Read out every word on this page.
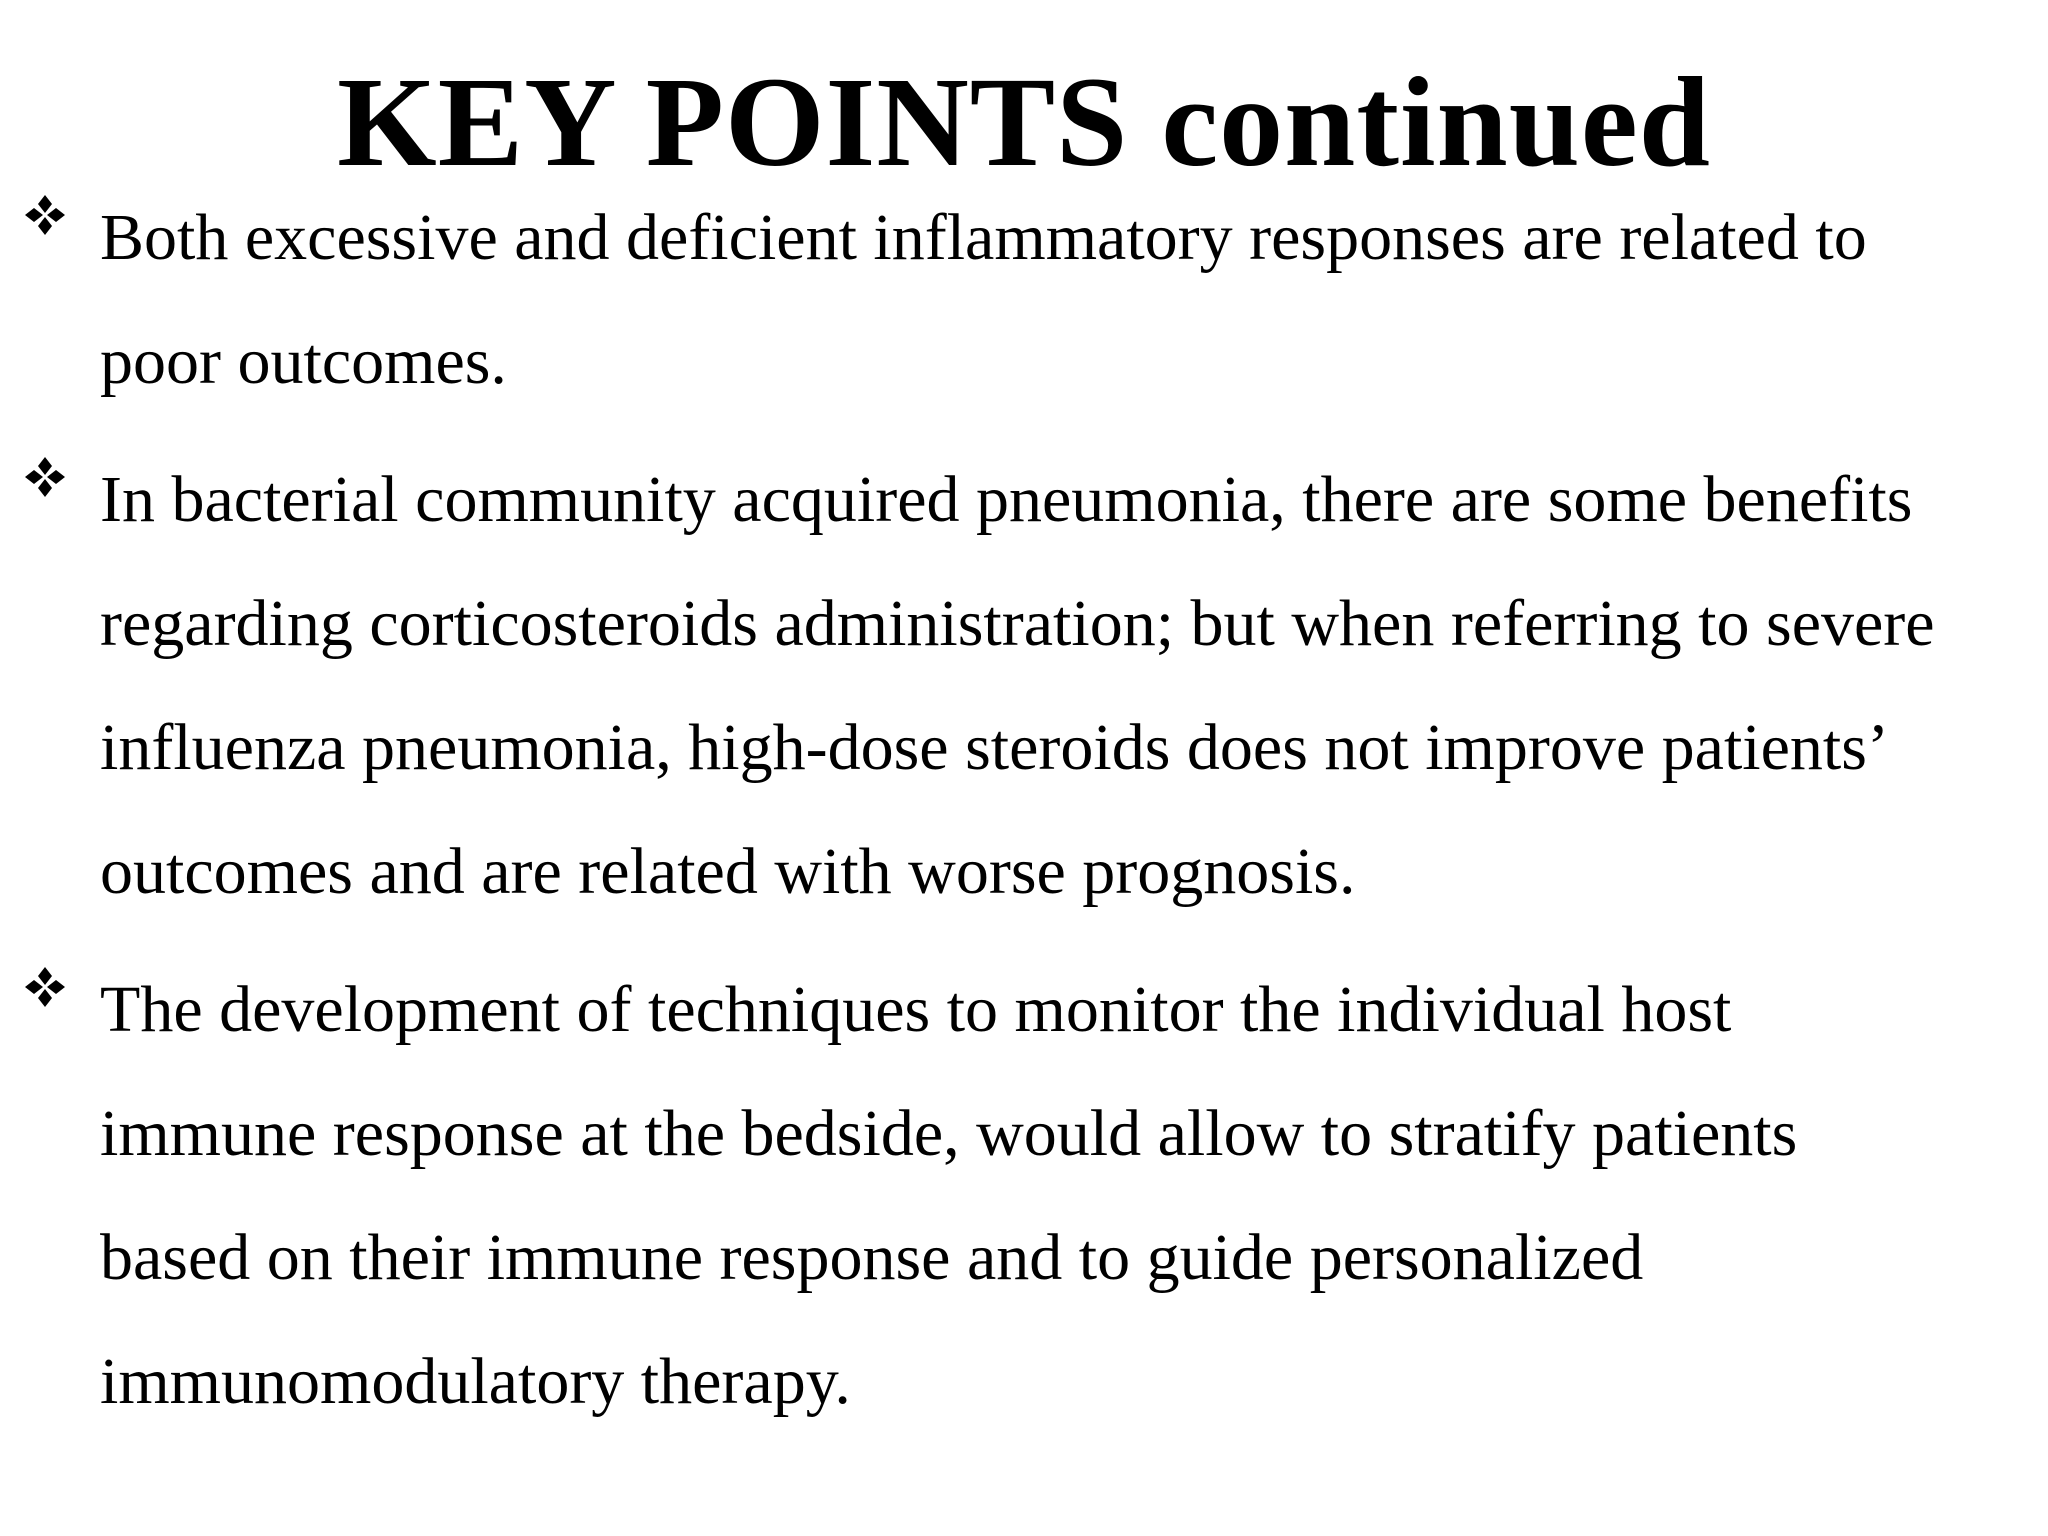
KEY POINTS continued
Both excessive and deficient inflammatory responses are related to
poor outcomes.
In bacterial community acquired pneumonia, there are some benefits
regarding corticosteroids administration; but when referring to severe
influenza pneumonia, high-dose steroids does not improve patients’
outcomes and are related with worse prognosis.
The development of techniques to monitor the individual host
immune response at the bedside, would allow to stratify patients
based on their immune response and to guide personalized
immunomodulatory therapy.
